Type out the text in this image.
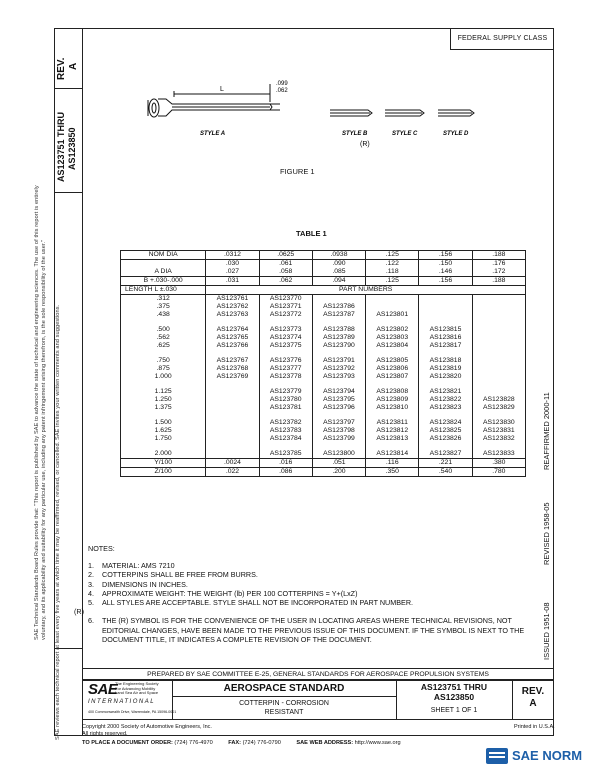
REV. A
AS123751 THRU AS123850
SAE Technical Standards Board Rules provide that: "This report is published by SAE to advance the state of technical and engineering sciences. The use of this report is entirely voluntary, and its applicability and suitability for any particular use, including any patent infringement arising therefrom, is the sole responsibility of the user." SAE reviews each technical report at least every five years at which time it may be reaffirmed, revised, or cancelled. SAE invites your written comments and suggestions.	ISSUED 1951-08
REVISED 1958-05
REAFFIRMED 2000-11
FEDERAL SUPPLY CLASS
L
.099
.062
STYLE A	STYLE B	STYLE C	STYLE D
(R)
FIGURE 1
TABLE 1
NOM DIA	.0312	.0625	.0938	.125	.156	.188
	.030	.061	.090	.122	.150	.176
A DIA	.027	.058	.085	.118	.146	.172
B +.030-.000	.031	.062	.094	.125	.156	.188
LENGTH L ±.030	PART NUMBERS					
.312	AS123761	AS123770				
.375	AS123762	AS123771	AS123786			
.438	AS123763	AS123772	AS123787	AS123801		

.500	AS123764	AS123773	AS123788	AS123802	AS123815	
.562	AS123765	AS123774	AS123789	AS123803	AS123816	
.625	AS123766	AS123775	AS123790	AS123804	AS123817	

.750	AS123767	AS123776	AS123791	AS123805	AS123818	
.875	AS123768	AS123777	AS123792	AS123806	AS123819	
1.000	AS123769	AS123778	AS123793	AS123807	AS123820	

1.125		AS123779	AS123794	AS123808	AS123821	
1.250		AS123780	AS123795	AS123809	AS123822	AS123828
1.375		AS123781	AS123796	AS123810	AS123823	AS123829

1.500		AS123782	AS123797	AS123811	AS123824	AS123830
1.625		AS123783	AS123798	AS123812	AS123825	AS123831
1.750		AS123784	AS123799	AS123813	AS123826	AS123832

2.000		AS123785	AS123800	AS123814	AS123827	AS123833
Y/100	.0024	.016	.051	.116	.221	.380
Z/100	.022	.086	.200	.350	.540	.780
NOTES:
1. MATERIAL: AMS 7210
2. COTTERPINS SHALL BE FREE FROM BURRS.
3. DIMENSIONS IN INCHES.
4. APPROXIMATE WEIGHT: THE WEIGHT (lb) PER 100 COTTERPINS = Y+(LxZ)
5. ALL STYLES ARE ACCEPTABLE. STYLE SHALL NOT BE INCORPORATED IN PART NUMBER.
(R)
6. THE (R) SYMBOL IS FOR THE CONVENIENCE OF THE USER IN LOCATING AREAS WHERE TECHNICAL REVISIONS, NOT EDITORIAL CHANGES, HAVE BEEN MADE TO THE PREVIOUS ISSUE OF THIS DOCUMENT. IF THE SYMBOL IS NEXT TO THE DOCUMENT TITLE, IT INDICATES A COMPLETE REVISION OF THE DOCUMENT.
PREPARED BY SAE COMMITTEE E-25, GENERAL STANDARDS FOR AEROSPACE PROPULSION SYSTEMS
SAE
The Engineering Society
For Advancing Mobility
Land Sea Air and Space
INTERNATIONAL
400 Commonwealth Drive, Warrendale, PA 15096-0001
AEROSPACE STANDARD
COTTERPIN - CORROSION
RESISTANT
AS123751 THRU
AS123850
SHEET 1 OF 1
REV.
A
Copyright 2000 Society of Automotive Engineers, Inc.
All rights reserved.
Printed in U.S.A.
TO PLACE A DOCUMENT ORDER: (724) 776-4970	FAX: (724) 776-0790	SAE WEB ADDRESS: http://www.sae.org
SAE NORM
